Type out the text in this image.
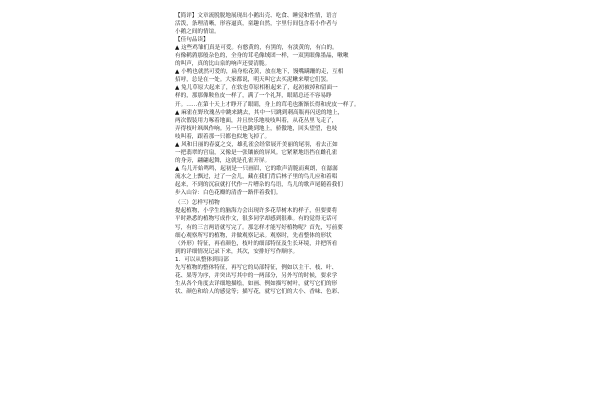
【简评】文章流脱脱地展现出小鹅出壳、吃食、睡觉和性情，语言
活泼，条理清晰，形容逼真，童趣自然，字里行间包含着小作者与
小鹅之间的情谊。
【佳句品读】
▲ 这些鸡雏们真是可爱。有憨黄的，有黑的，有淡黄的，有白的。
有像鹌鹑那般杂色的，全身的茸毛像绒团一样，一双黑眼像墨晶，啾啾
的叫声，真的比山泉的响声还要清脆。
▲ 小鸭也就然可爱的，扁身松花黄，放在地下，馒嘴蹒跚的走，互相
招呼，总是在一处。大家都说，明天叫它去买泥鳅来喂它们罢。
▲ 兔儿草原大起来了，在软也草原相租起来了，起初被掉和留面一
样的，那那像鞍鱼皮一样了，满了一个礼拜，眼睛总还不容易睁
开。……在第十天上才睁开了眼睛，身上的茸毛也渐渐长得和虎皮一样了。
▲ 麻雀在野玫瑰丛中跳来跳去，其中一只跳到刺高瓶再闪送的地上，
两次假装用力啄着地面，并且快乐地吱吱叫着，从花丛里飞走了，
弄得枝叶飒飒作响。另一只也跳到地上，骄傲地，回头望望，也吱
吱叫着，跟着那一只都也似地飞掉了。
▲ 风和日丽的春夏之交，雄孔雀会经常展开美丽的尾羽，看去正如
一把翡翠的宫扇，又像是一张镶嵌的屏风。它紧紧地语挡在雌孔雀
的身旁，翩翩起舞，这就是孔雀开屏。
▲ 鸟儿开始鸣鸣，起初是一只画眉，它的歌声清脆而爽朗，在潺潺
流水之上飘过，过了一会儿，藏在我们背后林子里的鸟儿应和着唱
起来，不到的沉寂就打代作一片嘈杂的鸟语，鸟儿的歌声尾随着我们
步入山谷：白色花瓣的清香一路伴着我们。
（三）怎样写植物
提起植物，小学生的脑海力会出现许多花草树木的样子，但要要将
平时熟悉的植物写成作文，很多同学却感到很难。有的觉得无话可
写，有的三言两语就写完了。那怎样才能写好植物呢？首先，写前要
细心观察所写的植物，并做观察记录。观察时，先看整体的形状
（外形）特征，再看颜色，枝叶的细部特征及生长环境，并把所看
到的详细情况记录下来，其次，安排好写作顺序。
1．可以从整体到局部
先写植物的整体特征，再写它的局部特征，例如以主干、枝、叶、
花、果等为序，并突出写其中的一两部分，另外写的时候，要求学
生从各个角度去详细地描绘，如画、例如描写树叶，就写它们的形
状、颜色和给人的感觉等；描写花，就写它们的大小、香味、色彩、
